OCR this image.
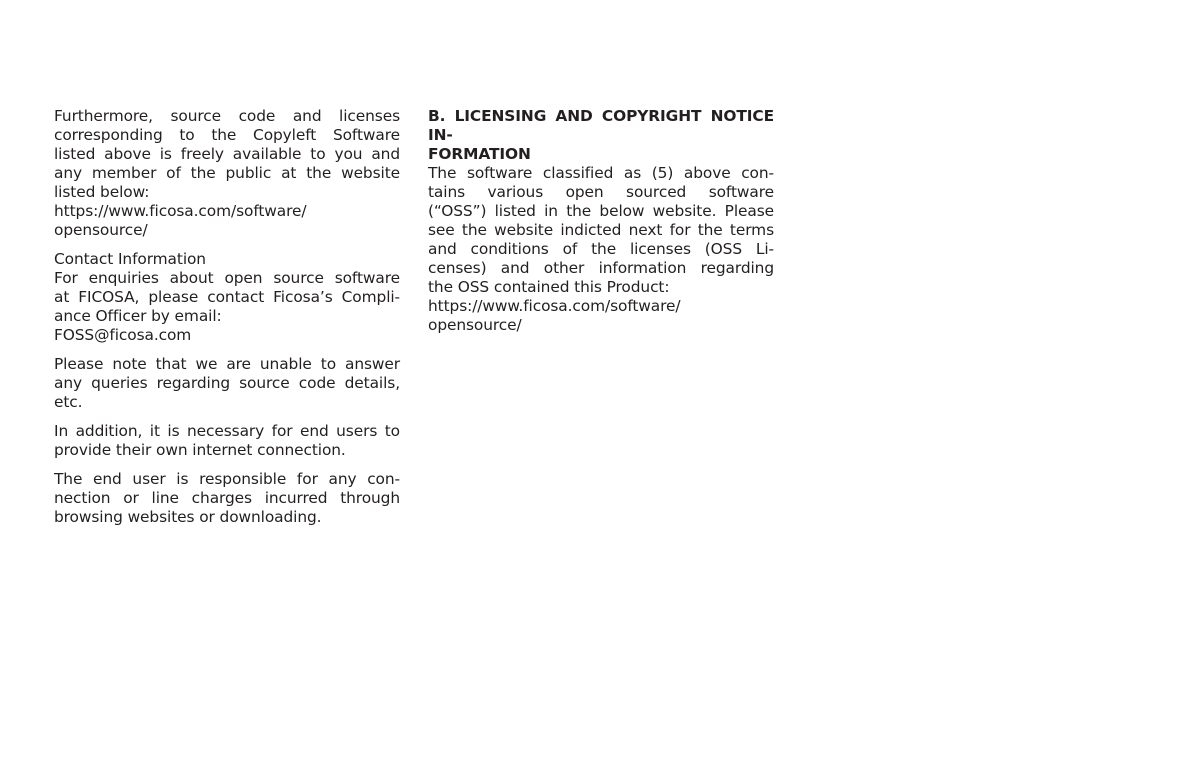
Furthermore, source code and licenses
corresponding to the Copyleft Software
listed above is freely available to you and
any member of the public at the website
listed below:
https://www.ficosa.com/software/
opensource/
Contact Information
For enquiries about open source software
at FICOSA, please contact Ficosa’s Compli-
ance Officer by email:
FOSS@ficosa.com
Please note that we are unable to answer
any queries regarding source code details,
etc.
In addition, it is necessary for end users to
provide their own internet connection.
The end user is responsible for any con-
nection or line charges incurred through
browsing websites or downloading.
B. LICENSING AND COPYRIGHT NOTICE IN-
FORMATION
The software classified as (5) above con-
tains various open sourced software
(“OSS”) listed in the below website. Please
see the website indicted next for the terms
and conditions of the licenses (OSS Li-
censes) and other information regarding
the OSS contained this Product:
https://www.ficosa.com/software/
opensource/
